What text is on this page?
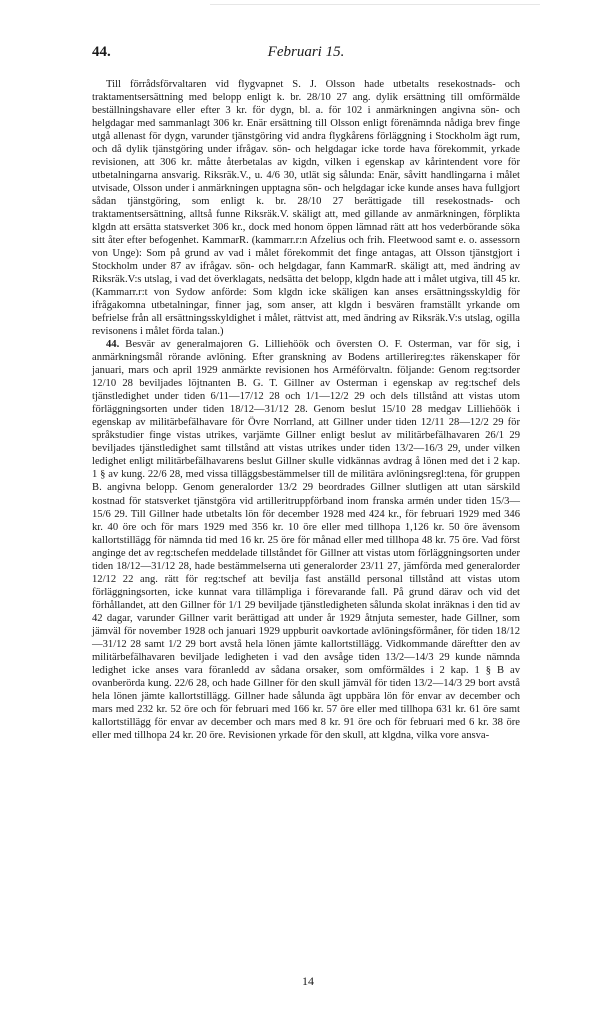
44.	Februari 15.

Till förrådsförvaltaren vid flygvapnet S. J. Olsson hade utbetalts resekostnads- och traktamentsersättning med belopp enligt k. br. 28/10 27 ang. dylik ersättning till omförmälde beställningshavare eller efter 3 kr. för dygn, bl. a. för 102 i anmärkningen angivna sön- och helgdagar med sammanlagt 306 kr. Enär ersättning till Olsson enligt förenämnda nådiga brev finge utgå allenast för dygn, varunder tjänstgöring vid andra flygkårens förläggning i Stockholm ägt rum, och då dylik tjänstgöring under ifrågav. sön- och helgdagar icke torde hava förekommit, yrkade revisionen, att 306 kr. måtte återbetalas av kigdn, vilken i egenskap av kårintendent vore för utbetalningarna ansvarig. Riksräk.V., u. 4/6 30, utlät sig sålunda: Enär, såvitt handlingarna i målet utvisade, Olsson under i anmärkningen upptagna sön- och helgdagar icke kunde anses hava fullgjort sådan tjänstgöring, som enligt k. br. 28/10 27 berättigade till resekostnads- och traktamentsersättning, alltså funne Riksräk.V. skäligt att, med gillande av anmärkningen, förplikta klgdn att ersätta statsverket 306 kr., dock med honom öppen lämnad rätt att hos vederbörande söka sitt åter efter befogenhet. KammarR. (kammarr.r:n Afzelius och frih. Fleetwood samt e. o. assessorn von Unge): Som på grund av vad i målet förekommit det finge antagas, att Olsson tjänstgjort i Stockholm under 87 av ifrågav. sön- och helgdagar, fann KammarR. skäligt att, med ändring av Riksräk.V:s utslag, i vad det överklagats, nedsätta det belopp, klgdn hade att i målet utgiva, till 45 kr. (Kammarr.r:t von Sydow anförde: Som klgdn icke skäligen kan anses ersättningsskyldig för ifrågakomna utbetalningar, finner jag, som anser, att klgdn i besvären framställt yrkande om befrielse från all ersättningsskyldighet i målet, rättvist att, med ändring av Riksräk.V:s utslag, ogilla revisonens i målet förda talan.)

44. Besvär av generalmajoren G. Lilliehöök och översten O. F. Osterman, var för sig, i anmärkningsmål rörande avlöning. Efter granskning av Bodens artillerireg:tes räkenskaper för januari, mars och april 1929 anmärkte revisionen hos Arméförvaltn. följande: Genom reg:tsorder 12/10 28 beviljades löjtnanten B. G. T. Gillner av Osterman i egenskap av reg:tschef dels tjänstledighet under tiden 6/11—17/12 28 och 1/1—12/2 29 och dels tillstånd att vistas utom förläggningsorten under tiden 18/12—31/12 28. Genom beslut 15/10 28 medgav Lilliehöök i egenskap av militärbefälhavare för Övre Norrland, att Gillner under tiden 12/11 28—12/2 29 för språkstudier finge vistas utrikes, varjämte Gillner enligt beslut av militärbefälhavaren 26/1 29 beviljades tjänstledighet samt tillstånd att vistas utrikes under tiden 13/2—16/3 29, under vilken ledighet enligt militärbefälhavarens beslut Gillner skulle vidkännas avdrag å lönen med det i 2 kap. 1 § av kung. 22/6 28, med vissa tilläggsbestämmelser till de militära avlöningsregl:tena, för gruppen B. angivna belopp. Genom generalorder 13/2 29 beordrades Gillner slutligen att utan särskild kostnad för statsverket tjänstgöra vid artilleritruppförband inom franska armén under tiden 15/3—15/6 29. Till Gillner hade utbetalts lön för december 1928 med 424 kr., för februari 1929 med 346 kr. 40 öre och för mars 1929 med 356 kr. 10 öre eller med tillhopa 1,126 kr. 50 öre ävensom kallortstillägg för nämnda tid med 16 kr. 25 öre för månad eller med tillhopa 48 kr. 75 öre. Vad först anginge det av reg:tschefen meddelade tillståndet för Gillner att vistas utom förläggningsorten under tiden 18/12—31/12 28, hade bestämmelserna uti generalorder 23/11 27, jämförda med generalorder 12/12 22 ang. rätt för reg:tschef att bevilja fast anställd personal tillstånd att vistas utom förläggningsorten, icke kunnat vara tillämpliga i förevarande fall. På grund därav och vid det förhållandet, att den Gillner för 1/1 29 beviljade tjänstledigheten sålunda skolat inräknas i den tid av 42 dagar, varunder Gillner varit berättigad att under år 1929 åtnjuta semester, hade Gillner, som jämväl för november 1928 och januari 1929 uppburit oavkortade avlöningsförmåner, för tiden 18/12—31/12 28 samt 1/2 29 bort avstå hela lönen jämte kallortstillägg. Vidkommande däreftter den av militärbefälhavaren beviljade ledigheten i vad den avsåge tiden 13/2—14/3 29 kunde nämnda ledighet icke anses vara föranledd av sådana orsaker, som omförmäldes i 2 kap. 1 § B av ovanberörda kung. 22/6 28, och hade Gillner för den skull jämväl för tiden 13/2—14/3 29 bort avstå hela lönen jämte kallortstillägg. Gillner hade sålunda ägt uppbära lön för envar av december och mars med 232 kr. 52 öre och för februari med 166 kr. 57 öre eller med tillhopa 631 kr. 61 öre samt kallortstillägg för envar av december och mars med 8 kr. 91 öre och för februari med 6 kr. 38 öre eller med tillhopa 24 kr. 20 öre. Revisionen yrkade för den skull, att klgdna, vilka vore ansva-

14
